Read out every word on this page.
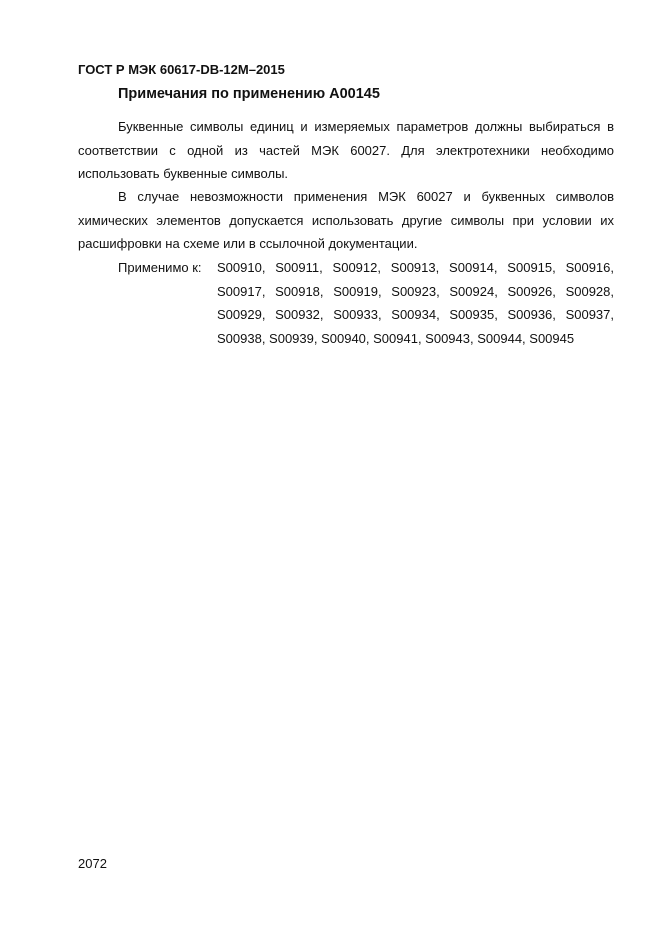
ГОСТ Р МЭК 60617-DB-12M–2015
Примечания по применению A00145

Буквенные символы единиц и измеряемых параметров должны выбираться в соответствии с одной из частей МЭК 60027. Для электротехники необходимо использовать буквенные символы.

В случае невозможности применения МЭК 60027 и буквенных символов химических элементов допускается использовать другие символы при условии их расшифровки на схеме или в ссылочной документации.

Применимо к: S00910, S00911, S00912, S00913, S00914, S00915, S00916, S00917, S00918, S00919, S00923, S00924, S00926, S00928, S00929, S00932, S00933, S00934, S00935, S00936, S00937, S00938, S00939, S00940, S00941, S00943, S00944, S00945
2072
